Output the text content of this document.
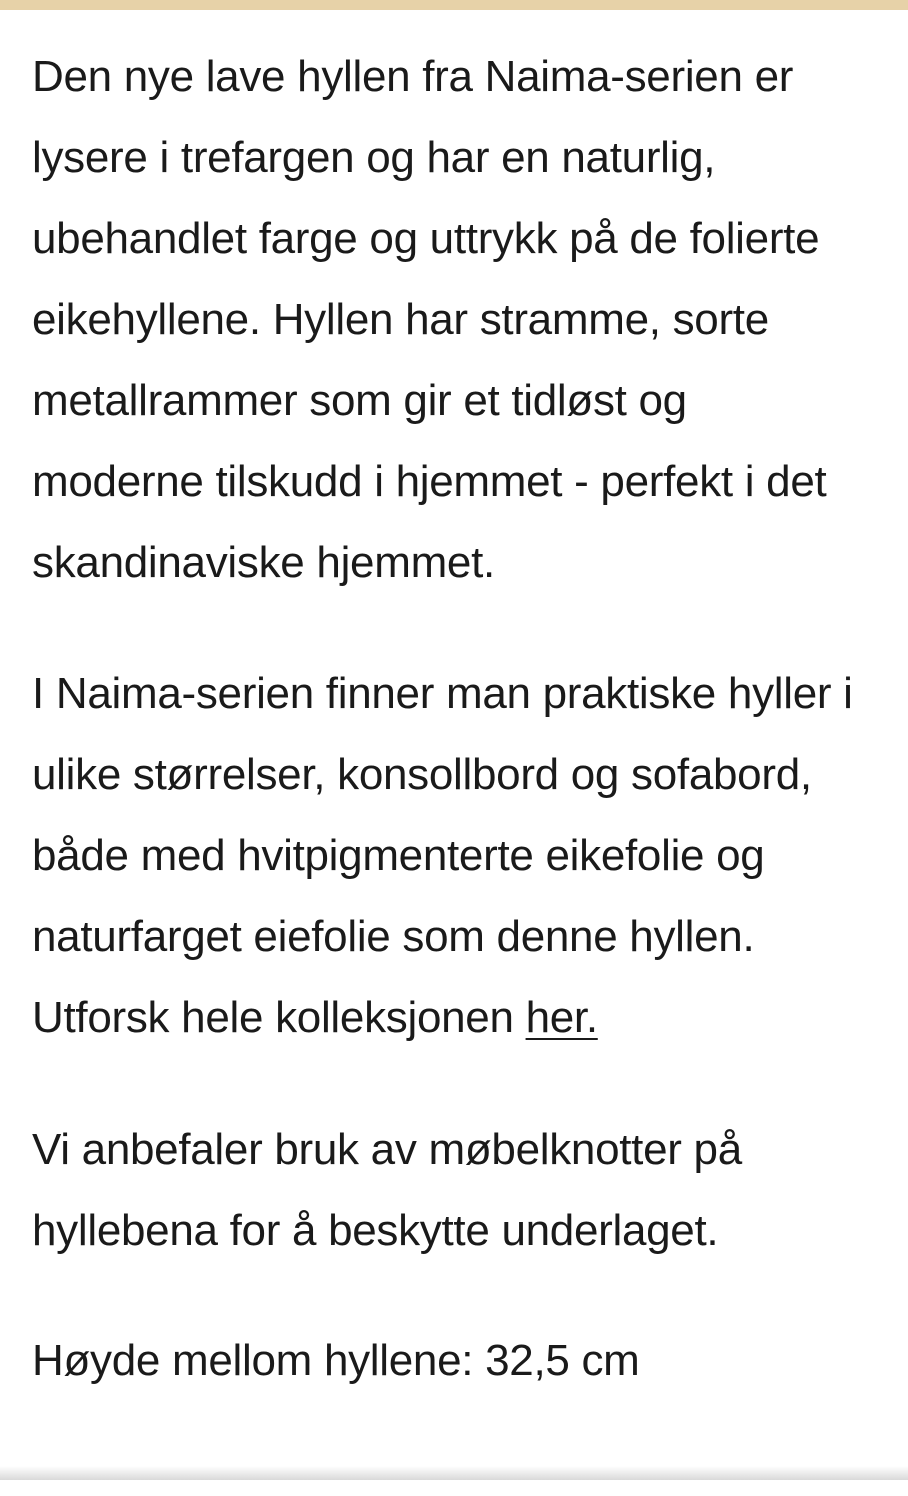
Den nye lave hyllen fra Naima-serien er
lysere i trefargen og har en naturlig,
ubehandlet farge og uttrykk på de folierte
eikehyllene. Hyllen har stramme, sorte
metallrammer som gir et tidløst og
moderne tilskudd i hjemmet - perfekt i det
skandinaviske hjemmet.
I Naima-serien finner man praktiske hyller i
ulike størrelser, konsollbord og sofabord,
både med hvitpigmenterte eikefolie og
naturfarget eiefolie som denne hyllen.
Utforsk hele kolleksjonen her.
Vi anbefaler bruk av møbelknotter på
hyllebena for å beskytte underlaget.
Høyde mellom hyllene: 32,5 cm
